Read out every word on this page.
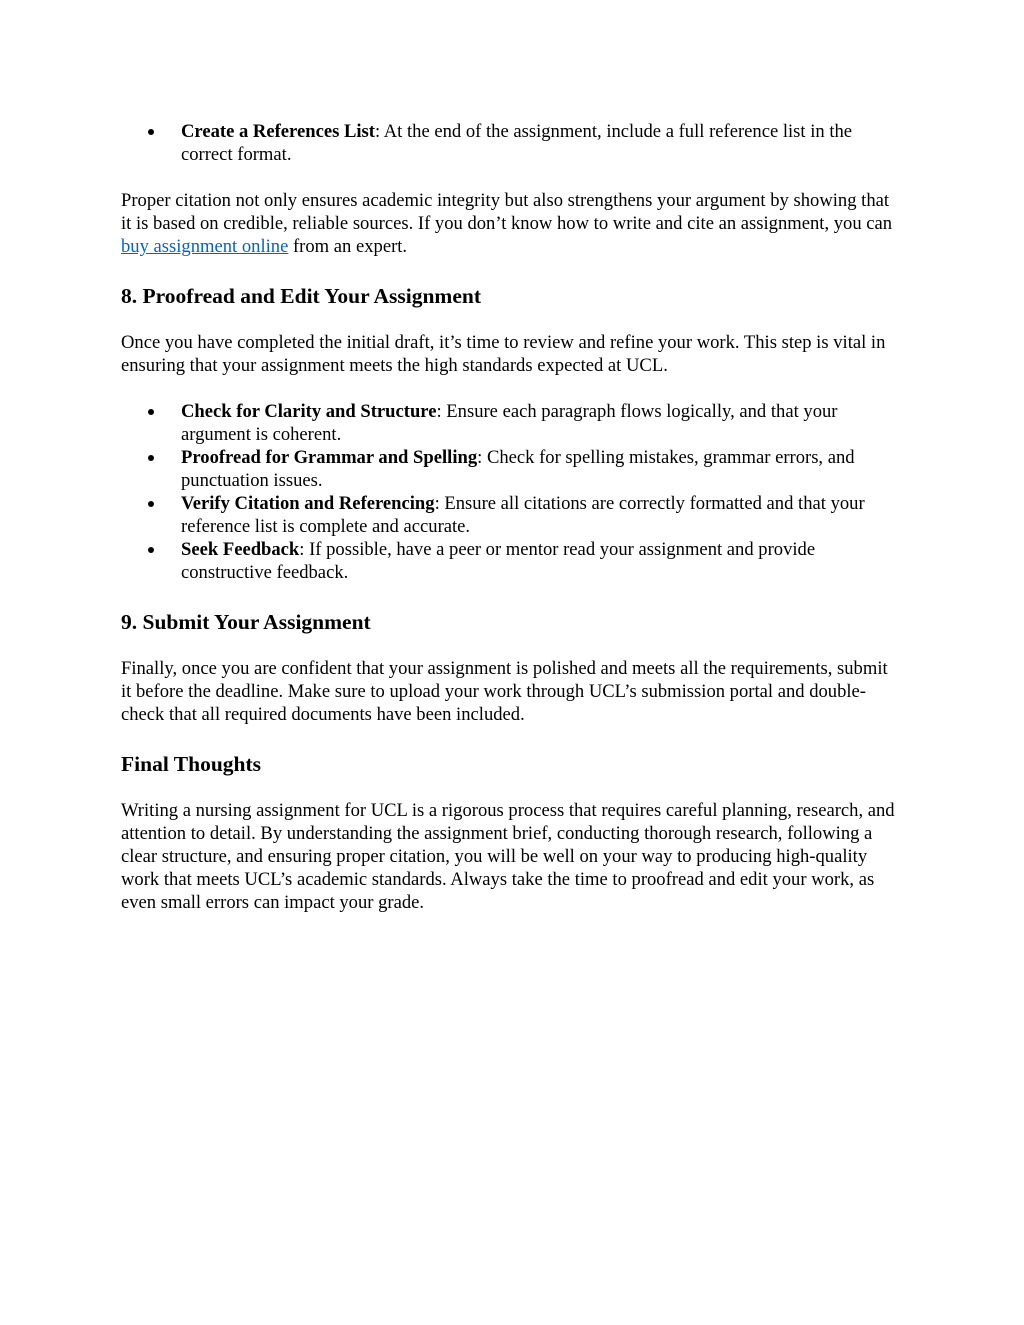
Create a References List: At the end of the assignment, include a full reference list in the correct format.

Proper citation not only ensures academic integrity but also strengthens your argument by showing that it is based on credible, reliable sources. If you don’t know how to write and cite an assignment, you can buy assignment online from an expert.

8. Proofread and Edit Your Assignment

Once you have completed the initial draft, it’s time to review and refine your work. This step is vital in ensuring that your assignment meets the high standards expected at UCL.

Check for Clarity and Structure: Ensure each paragraph flows logically, and that your argument is coherent.
Proofread for Grammar and Spelling: Check for spelling mistakes, grammar errors, and punctuation issues.
Verify Citation and Referencing: Ensure all citations are correctly formatted and that your reference list is complete and accurate.
Seek Feedback: If possible, have a peer or mentor read your assignment and provide constructive feedback.
9. Submit Your Assignment

Finally, once you are confident that your assignment is polished and meets all the requirements, submit it before the deadline. Make sure to upload your work through UCL’s submission portal and double-check that all required documents have been included.

Final Thoughts

Writing a nursing assignment for UCL is a rigorous process that requires careful planning, research, and attention to detail. By understanding the assignment brief, conducting thorough research, following a clear structure, and ensuring proper citation, you will be well on your way to producing high-quality work that meets UCL’s academic standards. Always take the time to proofread and edit your work, as even small errors can impact your grade.
